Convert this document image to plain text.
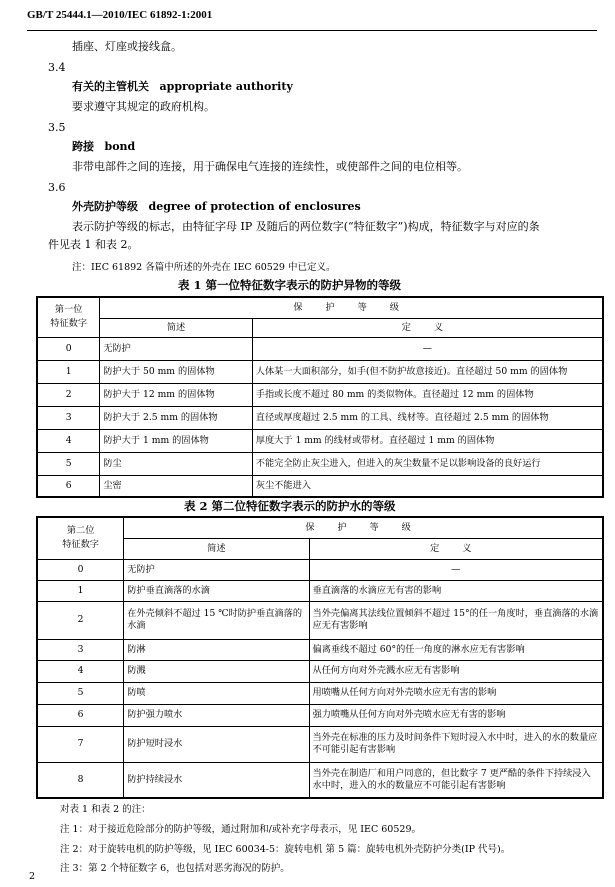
GB/T 25444.1—2010/IEC 61892-1:2001
插座、灯座或接线盒。
3.4
有关的主管机关 appropriate authority
要求遵守其规定的政府机构。
3.5
跨接 bond
非带电部件之间的连接，用于确保电气连接的连续性，或使部件之间的电位相等。
3.6
外壳防护等级 degree of protection of enclosures
表示防护等级的标志，由特征字母 IP 及随后的两位数字(“特征数字”)构成，特征数字与对应的条
件见表 1 和表 2。
注：IEC 61892 各篇中所述的外壳在 IEC 60529 中已定义。
表 1 第一位特征数字表示的防护异物的等级
第一位
特征数字	保 护 等 级	
	简述	定 义
0	无防护	—
1	防护大于 50 mm 的固体物	人体某一大面积部分，如手(但不防护故意接近)。直径超过 50 mm 的固体物
2	防护大于 12 mm 的固体物	手指或长度不超过 80 mm 的类似物体。直径超过 12 mm 的固体物
3	防护大于 2.5 mm 的固体物	直径或厚度超过 2.5 mm 的工具、线材等。直径超过 2.5 mm 的固体物
4	防护大于 1 mm 的固体物	厚度大于 1 mm 的线材或带材。直径超过 1 mm 的固体物
5	防尘	不能完全防止灰尘进入，但进入的灰尘数量不足以影响设备的良好运行
6	尘密	灰尘不能进入
表 2 第二位特征数字表示的防护水的等级
第二位
特征数字	保 护 等 级	
	简述	定 义
0	无防护	—
1	防护垂直滴落的水滴	垂直滴落的水滴应无有害的影响
2	在外壳倾斜不超过 15 ℃时防护垂直滴落的水滴	当外壳偏离其法线位置倾斜不超过 15°的任一角度时，垂直滴落的水滴应无有害影响
3	防淋	偏离垂线不超过 60°的任一角度的淋水应无有害影响
4	防溅	从任何方向对外壳溅水应无有害影响
5	防喷	用喷嘴从任何方向对外壳喷水应无有害的影响
6	防护强力喷水	强力喷嘴从任何方向对外壳喷水应无有害的影响
7	防护短时浸水	当外壳在标准的压力及时间条件下短时浸入水中时，进入的水的数量应不可能引起有害影响
8	防护持续浸水	当外壳在制造厂和用户同意的，但比数字 7 更严酷的条件下持续浸入水中时，进入的水的数量应不可能引起有害影响
对表 1 和表 2 的注：
注 1：对于接近危险部分的防护等级，通过附加和/或补充字母表示，见 IEC 60529。
注 2：对于旋转电机的防护等级，见 IEC 60034-5：旋转电机 第 5 篇：旋转电机外壳防护分类(IP 代号)。
注 3：第 2 个特征数字 6，也包括对恶劣海况的防护。
2
